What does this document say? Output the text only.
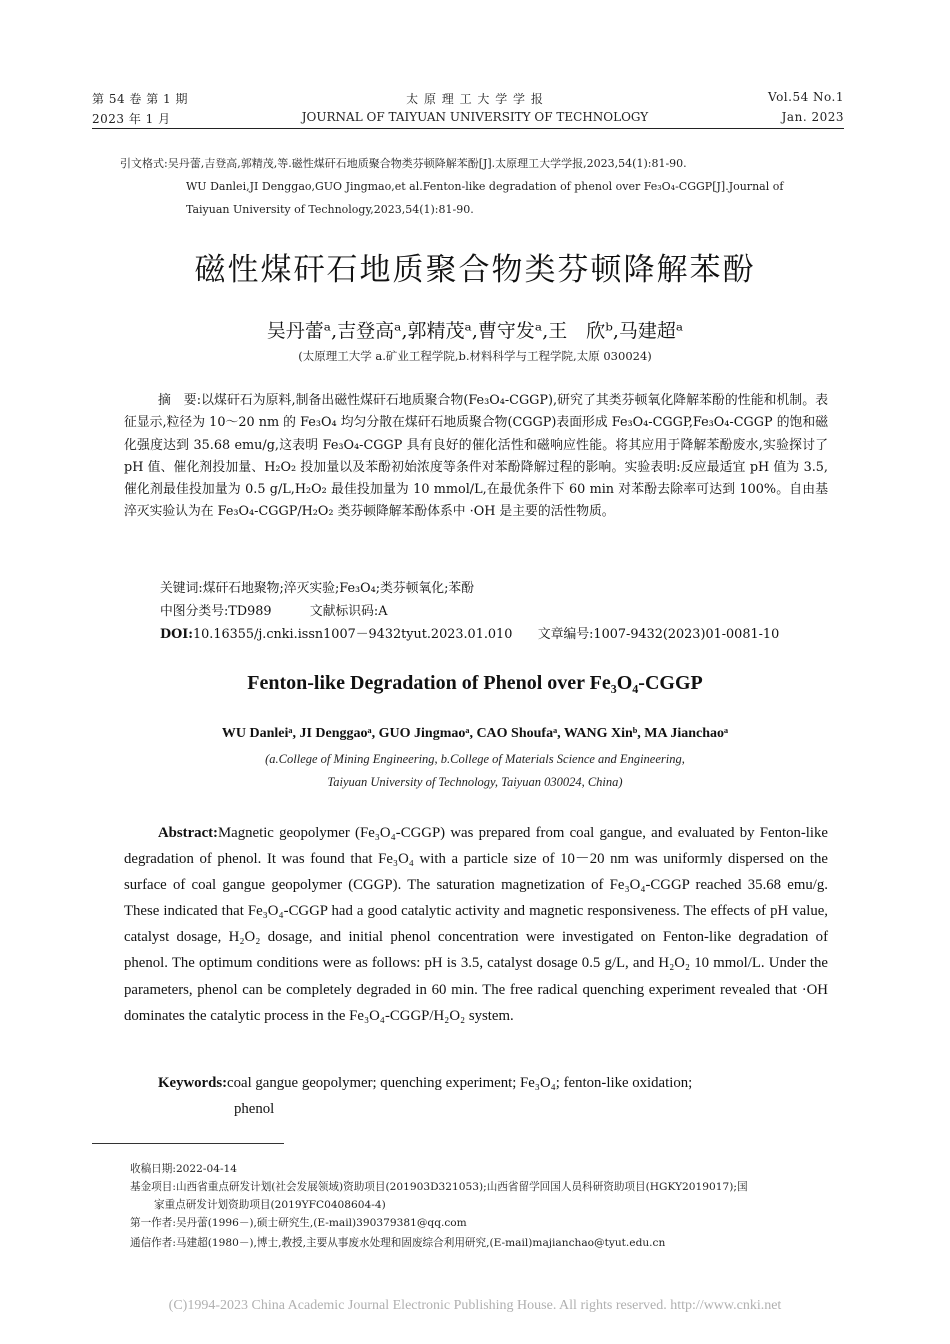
第 54 卷 第 1 期
2023 年 1 月
太 原 理 工 大 学 学 报
JOURNAL OF TAIYUAN UNIVERSITY OF TECHNOLOGY
Vol.54 No.1
Jan. 2023
引文格式:吴丹蕾,吉登高,郭精茂,等.磁性煤矸石地质聚合物类芬顿降解苯酚[J].太原理工大学学报,2023,54(1):81-90.
WU Danlei,JI Denggao,GUO Jingmao,et al.Fenton-like degradation of phenol over Fe₃O₄-CGGP[J].Journal of
Taiyuan University of Technology,2023,54(1):81-90.
磁性煤矸石地质聚合物类芬顿降解苯酚
吴丹蕾ᵃ,吉登高ᵃ,郭精茂ᵃ,曹守发ᵃ,王　欣ᵇ,马建超ᵃ
(太原理工大学 a.矿业工程学院,b.材料科学与工程学院,太原 030024)
摘　要:以煤矸石为原料,制备出磁性煤矸石地质聚合物(Fe₃O₄-CGGP),研究了其类芬顿氧化降解苯酚的性能和机制。表征显示,粒径为 10～20 nm 的 Fe₃O₄ 均匀分散在煤矸石地质聚合物(CGGP)表面形成 Fe₃O₄-CGGP,Fe₃O₄-CGGP 的饱和磁化强度达到 35.68 emu/g,这表明 Fe₃O₄-CGGP 具有良好的催化活性和磁响应性能。将其应用于降解苯酚废水,实验探讨了 pH 值、催化剂投加量、H₂O₂ 投加量以及苯酚初始浓度等条件对苯酚降解过程的影响。实验表明:反应最适宜 pH 值为 3.5,催化剂最佳投加量为 0.5 g/L,H₂O₂ 最佳投加量为 10 mmol/L,在最优条件下 60 min 对苯酚去除率可达到 100%。自由基淬灭实验认为在 Fe₃O₄-CGGP/H₂O₂ 类芬顿降解苯酚体系中 ·OH 是主要的活性物质。
关键词:煤矸石地聚物;淬灭实验;Fe₃O₄;类芬顿氧化;苯酚
中图分类号:TD989　　　文献标识码:A
DOI:10.16355/j.cnki.issn1007－9432tyut.2023.01.010　　文章编号:1007-9432(2023)01-0081-10
Fenton-like Degradation of Phenol over Fe₃O₄-CGGP
WU Danleiᵃ, JI Denggaoᵃ, GUO Jingmaoᵃ, CAO Shoufaᵃ, WANG Xinᵇ, MA Jianchaoᵃ
(a.College of Mining Engineering, b.College of Materials Science and Engineering,
Taiyuan University of Technology, Taiyuan 030024, China)
Abstract:Magnetic geopolymer (Fe₃O₄-CGGP) was prepared from coal gangue, and evaluated by Fenton-like degradation of phenol. It was found that Fe₃O₄ with a particle size of 10－20 nm was uniformly dispersed on the surface of coal gangue geopolymer (CGGP). The saturation magnetization of Fe₃O₄-CGGP reached 35.68 emu/g. These indicated that Fe₃O₄-CGGP had a good catalytic activity and magnetic responsiveness. The effects of pH value, catalyst dosage, H₂O₂ dosage, and initial phenol concentration were investigated on Fenton-like degradation of phenol. The optimum conditions were as follows: pH is 3.5, catalyst dosage 0.5 g/L, and H₂O₂ 10 mmol/L. Under the parameters, phenol can be completely degraded in 60 min. The free radical quenching experiment revealed that ·OH dominates the catalytic process in the Fe₃O₄-CGGP/H₂O₂ system.
Keywords:coal gangue geopolymer; quenching experiment; Fe₃O₄; fenton-like oxidation;
phenol
收稿日期:2022-04-14
基金项目:山西省重点研发计划(社会发展领域)资助项目(201903D321053);山西省留学回国人员科研资助项目(HGKY2019017);国
家重点研发计划资助项目(2019YFC0408604-4)
第一作者:吴丹蕾(1996－),硕士研究生,(E-mail)390379381@qq.com
通信作者:马建超(1980－),博士,教授,主要从事废水处理和固废综合利用研究,(E-mail)majianchao@tyut.edu.cn
(C)1994-2023 China Academic Journal Electronic Publishing House. All rights reserved. http://www.cnki.net
